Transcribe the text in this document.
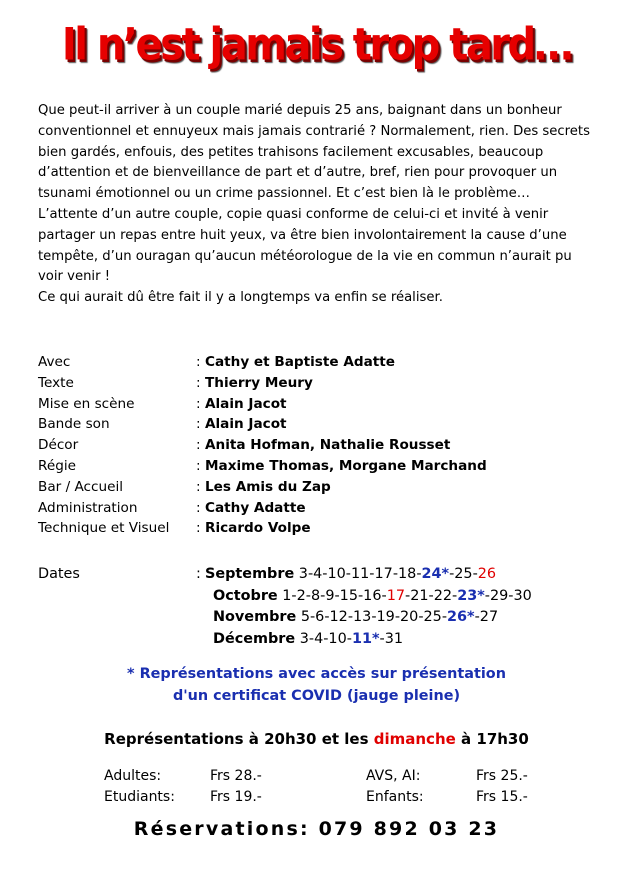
Il n’est jamais trop tard…

Que peut-il arriver à un couple marié depuis 25 ans, baignant dans un bonheur conventionnel et ennuyeux mais jamais contrarié ? Normalement, rien. Des secrets bien gardés, enfouis, des petites trahisons facilement excusables, beaucoup d’attention et de bienveillance de part et d’autre, bref, rien pour provoquer un tsunami émotionnel ou un crime passionnel. Et c’est bien là le problème…

L’attente d’un autre couple, copie quasi conforme de celui-ci et invité à venir partager un repas entre huit yeux, va être bien involontairement la cause d’une tempête, d’un ouragan qu’aucun météorologue de la vie en commun n’aurait pu voir venir !

Ce qui aurait dû être fait il y a longtemps va enfin se réaliser.

Avec	: Cathy et Baptiste Adatte
Texte	: Thierry Meury
Mise en scène	: Alain Jacot
Bande son	: Alain Jacot
Décor	: Anita Hofman, Nathalie Rousset
Régie	: Maxime Thomas, Morgane Marchand
Bar / Accueil	: Les Amis du Zap
Administration	: Cathy Adatte
Technique et Visuel	: Ricardo Volpe
Dates	: Septembre 3-4-10-11-17-18-24*-25-26
Octobre 1-2-8-9-15-16-17-21-22-23*-29-30
Novembre 5-6-12-13-19-20-25-26*-27
Décembre 3-4-10-11*-31
* Représentations avec accès sur présentation
d'un certificat COVID (jauge pleine)
Représentations à 20h30 et les dimanche à 17h30
Adultes:	Frs 28.-	AVS, AI:	Frs 25.-
Etudiants:	Frs 19.-	Enfants:	Frs 15.-
Réservations: 079 892 03 23
